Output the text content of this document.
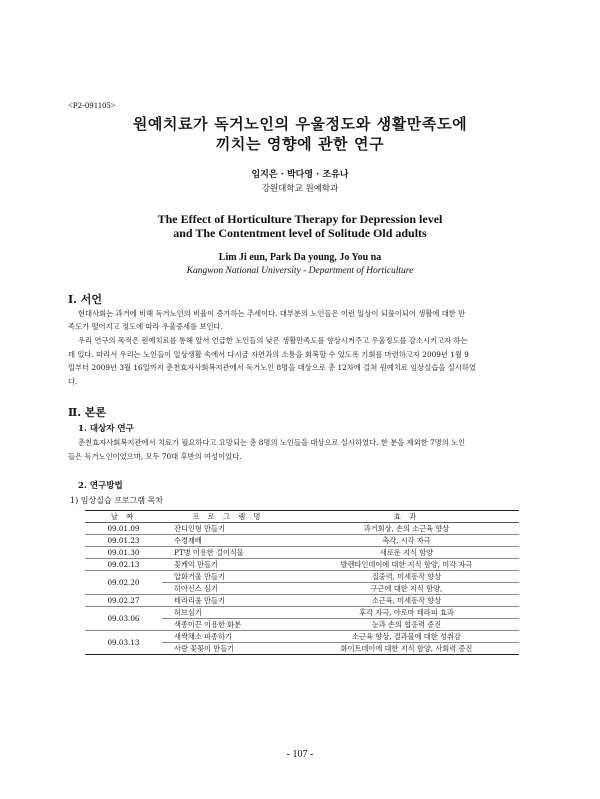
<P2-091105>
원예치료가 독거노인의 우울정도와 생활만족도에
끼치는 영향에 관한 연구
임지은 · 박다영 · 조유나
강원대학교 원예학과
The Effect of Horticulture Therapy for Depression level
and The Contentment level of Solitude Old adults
Lim Ji eun, Park Da young, Jo You na
Kangwon National University - Department of Horticulture
Ⅰ. 서언
현대사회는 과거에 비해 독거노인의 비율이 증가하는 추세이다. 대부분의 노인들은 이런 일상이 되풀이되어 생활에 대한 만
족도가 떨어지고 정도에 따라 우울증세를 보인다.
우리 연구의 목적은 원예치료를 통해 앞서 언급한 노인들의 낮은 생활만족도를 향상시켜주고 우울정도를 감소시키고자 하는
데 있다. 따라서 우리는 노인들이 일상생활 속에서 다시금 자연과의 소통을 회복할 수 있도록 기회를 마련하고자 2009년 1월 9
일부터 2009년 3월 16일까지 춘천효자사회복지관에서 독거노인 8명을 대상으로 총 12차에 걸쳐 원예치료 임상실습을 실시하였
다.
Ⅱ. 본론
1. 대상자 연구
춘천효자사회복지관에서 치료가 필요하다고 요망되는 총 8명의 노인들을 대상으로 실시하였다. 한 분을 제외한 7명의 노인
들은 독거노인이었으며, 모두 70대 후반의 여성이었다.
2. 연구방법
1) 임상실습 프로그램 목차
날 짜	프 로 그 램 명	효 과
09.01.09	잔디인형 만들기	과거회상, 손의 소근육 향상
09.01.23	수경재배	촉각, 시각 자극
09.01.30	PT병 이용한 걸이식물	새로운 지식 함양
09.02.13	꽃케익 만들기	발렌타인데이에 대한 지식 함양, 미각 자극
09.02.20	압화거울 만들기	집중력, 미세동작 향상
	히아신스 심기	구근에 대한 지식 함양,
09.02.27	테라리움 만들기	소근육, 미세동작 향상
09.03.06	허브심기	후각 자극, 아로마 테라피 효과
	색종이끈 이용한 화분	눈과 손의 협응력 증진
09.03.13	새싹채소 파종하기	소근육 향상, 결과물에 대한 성취감
	사랑 꽃꽂이 만들기	화이트데이에 대한 지식 함양, 사회력 증진
- 107 -
